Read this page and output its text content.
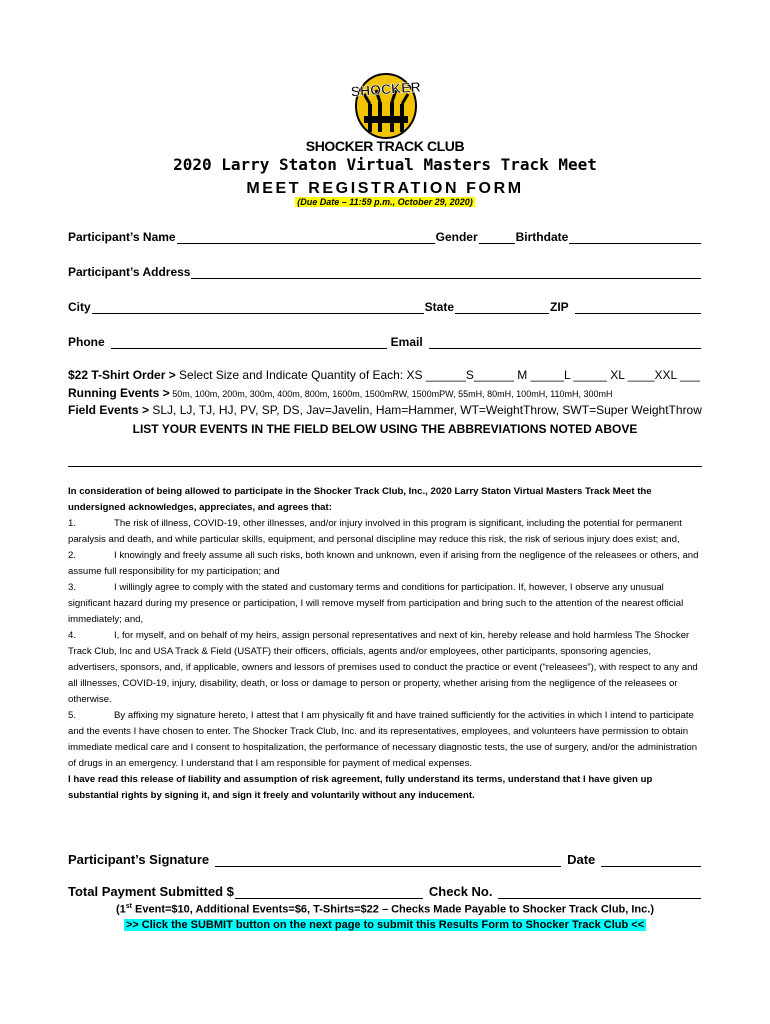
SHOCKER
SHOCKER TRACK CLUB
2020 Larry Staton Virtual Masters Track Meet
MEET REGISTRATION FORM
(Due Date – 11:59 p.m., October 29, 2020)
Participant’s Name	Gender	Birthdate
Participant’s Address
City	State	ZIP
Phone	Email
$22 T-Shirt Order > Select Size and Indicate Quantity of Each: XS ______S______ M _____L _____ XL ____XXL ___
Running Events > 50m, 100m, 200m, 300m, 400m, 800m, 1600m, 1500mRW, 1500mPW, 55mH, 80mH, 100mH, 110mH, 300mH
Field Events > SLJ, LJ, TJ, HJ, PV, SP, DS, Jav=Javelin, Ham=Hammer, WT=WeightThrow, SWT=Super WeightThrow
LIST YOUR EVENTS IN THE FIELD BELOW USING THE ABBREVIATIONS NOTED ABOVE

In consideration of being allowed to participate in the Shocker Track Club, Inc., 2020 Larry Staton Virtual Masters Track Meet the undersigned acknowledges, appreciates, and agrees that:

1.	The risk of illness, COVID-19, other illnesses, and/or injury involved in this program is significant, including the potential for permanent paralysis and death, and while particular skills, equipment, and personal discipline may reduce this risk, the risk of serious injury does exist; and,

2.	I knowingly and freely assume all such risks, both known and unknown, even if arising from the negligence of the releasees or others, and assume full responsibility for my participation; and

3.	I willingly agree to comply with the stated and customary terms and conditions for participation. If, however, I observe any unusual significant hazard during my presence or participation, I will remove myself from participation and bring such to the attention of the nearest official immediately; and,

4.	I, for myself, and on behalf of my heirs, assign personal representatives and next of kin, hereby release and hold harmless The Shocker Track Club, Inc and USA Track & Field (USATF) their officers, officials, agents and/or employees, other participants, sponsoring agencies, advertisers, sponsors, and, if applicable, owners and lessors of premises used to conduct the practice or event (“releasees”), with respect to any and all illnesses, COVID-19, injury, disability, death, or loss or damage to person or property, whether arising from the negligence of the releasees or otherwise.

5.	By affixing my signature hereto, I attest that I am physically fit and have trained sufficiently for the activities in which I intend to participate and the events I have chosen to enter. The Shocker Track Club, Inc. and its representatives, employees, and volunteers have permission to obtain immediate medical care and I consent to hospitalization, the performance of necessary diagnostic tests, the use of surgery, and/or the administration of drugs in an emergency. I understand that I am responsible for payment of medical expenses.

I have read this release of liability and assumption of risk agreement, fully understand its terms, understand that I have given up substantial rights by signing it, and sign it freely and voluntarily without any inducement.

Participant’s Signature	Date
Total Payment Submitted $	Check No.
(1st Event=$10, Additional Events=$6, T-Shirts=$22 – Checks Made Payable to Shocker Track Club, Inc.)
>> Click the SUBMIT button on the next page to submit this Results Form to Shocker Track Club <<
